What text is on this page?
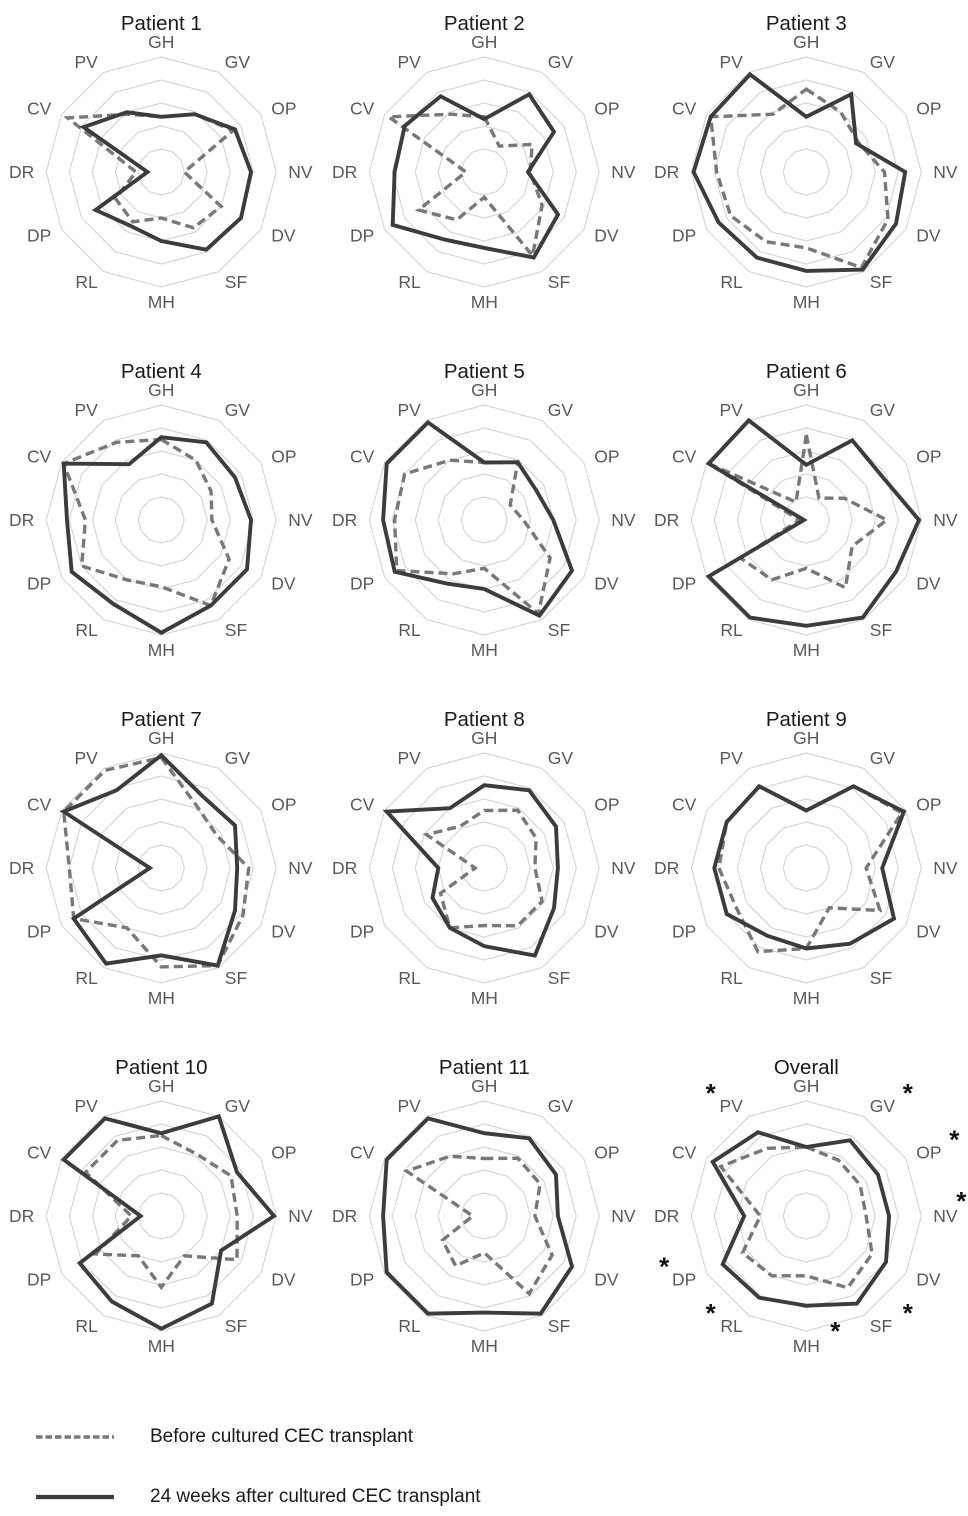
Patient 1
GH
GV
OP
NV
DV
SF
MH
RL
DP
DR
CV
PV
Patient 2
GH
GV
OP
NV
DV
SF
MH
RL
DP
DR
CV
PV
Patient 3
GH
GV
OP
NV
DV
SF
MH
RL
DP
DR
CV
PV
Patient 4
GH
GV
OP
NV
DV
SF
MH
RL
DP
DR
CV
PV
Patient 5
GH
GV
OP
NV
DV
SF
MH
RL
DP
DR
CV
PV
Patient 6
GH
GV
OP
NV
DV
SF
MH
RL
DP
DR
CV
PV
Patient 7
GH
GV
OP
NV
DV
SF
MH
RL
DP
DR
CV
PV
Patient 8
GH
GV
OP
NV
DV
SF
MH
RL
DP
DR
CV
PV
Patient 9
GH
GV
OP
NV
DV
SF
MH
RL
DP
DR
CV
PV
Patient 10
GH
GV
OP
NV
DV
SF
MH
RL
DP
DR
CV
PV
Patient 11
GH
GV
OP
NV
DV
SF
MH
RL
DP
DR
CV
PV
Overall
GH
GV *
OP *
NV
*
DV
SF *
MH *
RL
*
DP
*
DR
CV
PV
*
Before cultured CEC transplant
24 weeks after cultured CEC transplant
